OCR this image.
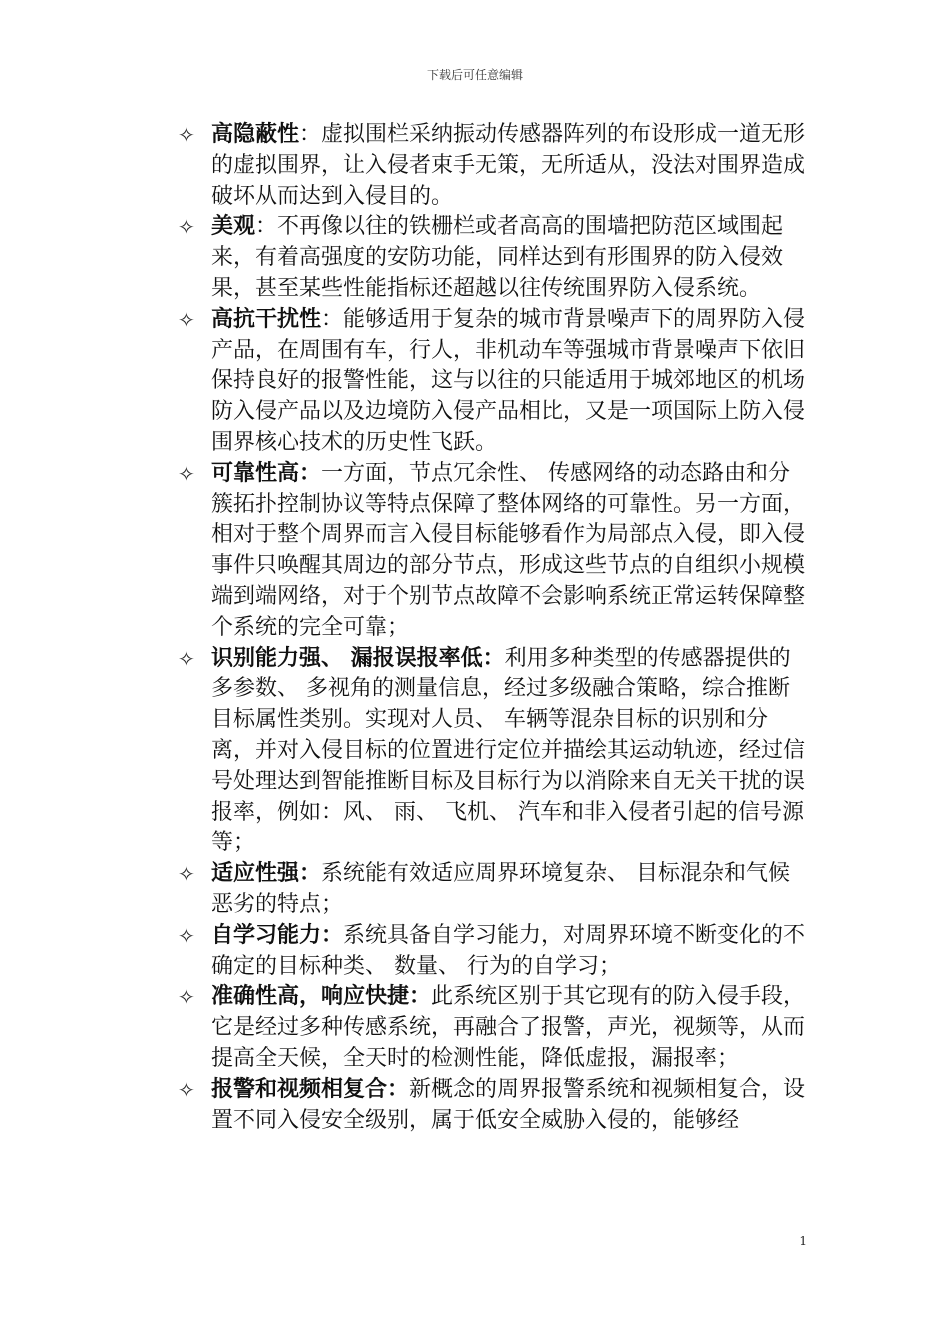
下载后可任意编辑

✧ 高隐蔽性：虚拟围栏采纳振动传感器阵列的布设形成一道无形的虚拟围界，让入侵者束手无策，无所适从，没法对围界造成破坏从而达到入侵目的。

✧ 美观：不再像以往的铁栅栏或者高高的围墙把防范区域围起来，有着高强度的安防功能，同样达到有形围界的防入侵效果，甚至某些性能指标还超越以往传统围界防入侵系统。

✧ 高抗干扰性：能够适用于复杂的城市背景噪声下的周界防入侵产品，在周围有车，行人，非机动车等强城市背景噪声下依旧保持良好的报警性能，这与以往的只能适用于城郊地区的机场防入侵产品以及边境防入侵产品相比，又是一项国际上防入侵围界核心技术的历史性飞跃。

✧ 可靠性高：一方面，节点冗余性、 传感网络的动态路由和分簇拓扑控制协议等特点保障了整体网络的可靠性。另一方面，相对于整个周界而言入侵目标能够看作为局部点入侵，即入侵事件只唤醒其周边的部分节点，形成这些节点的自组织小规模端到端网络，对于个别节点故障不会影响系统正常运转保障整个系统的完全可靠；

✧ 识别能力强、 漏报误报率低：利用多种类型的传感器提供的多参数、 多视角的测量信息，经过多级融合策略，综合推断目标属性类别。实现对人员、 车辆等混杂目标的识别和分离，并对入侵目标的位置进行定位并描绘其运动轨迹，经过信号处理达到智能推断目标及目标行为以消除来自无关干扰的误报率，例如：风、 雨、 飞机、 汽车和非入侵者引起的信号源等；

✧ 适应性强：系统能有效适应周界环境复杂、 目标混杂和气候恶劣的特点；

✧ 自学习能力：系统具备自学习能力，对周界环境不断变化的不确定的目标种类、 数量、 行为的自学习；

✧ 准确性高，响应快捷：此系统区别于其它现有的防入侵手段， 它是经过多种传感系统，再融合了报警，声光，视频等，从而提高全天候，全天时的检测性能，降低虚报，漏报率；

✧ 报警和视频相复合：新概念的周界报警系统和视频相复合，设置不同入侵安全级别，属于低安全威胁入侵的，能够经

1
